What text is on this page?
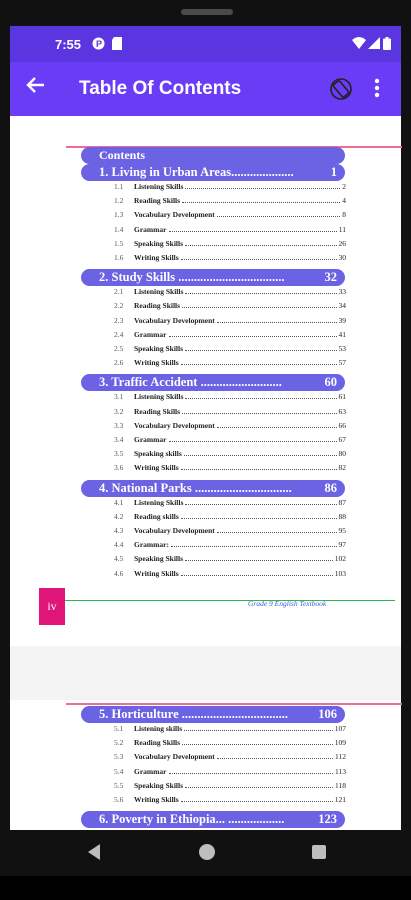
7:55 P
Table Of Contents
Contents
iv	Grade 9 English Textbook
1. Living in Urban Areas....................	1
1.1	Listening Skills	2
1.2	Reading Skills	4
1.3	Vocabulary Development	8
1.4	Grammar	11
1.5	Speaking Skills	26
1.6	Writing Skills	30
2. Study Skills ..................................	32
2.1	Listening Skills	33
2.2	Reading Skills	34
2.3	Vocabulary Development	39
2.4	Grammar	41
2.5	Speaking Skills	53
2.6	Writing Skills	57
3. Traffic Accident ..........................	60
3.1	Listening Skills	61
3.2	Reading Skills	63
3.3	Vocabulary Development	66
3.4	Grammar	67
3.5	Speaking skills	80
3.6	Writing Skills	82
4. National Parks ...............................	86
4.1	Listening Skills	87
4.2	Reading skills	88
4.3	Vocabulary Development	95
4.4	Grammar:	97
4.5	Speaking Skills	102
4.6	Writing Skills	103
5. Horticulture .................................. 106
5.1	Listening skills	107
5.2	Reading Skills	109
5.3	Vocabulary Development	112
5.4	Grammar	113
5.5	Speaking Skills	118
5.6	Writing Skills	121
6. Poverty in Ethiopia... ..................	123
